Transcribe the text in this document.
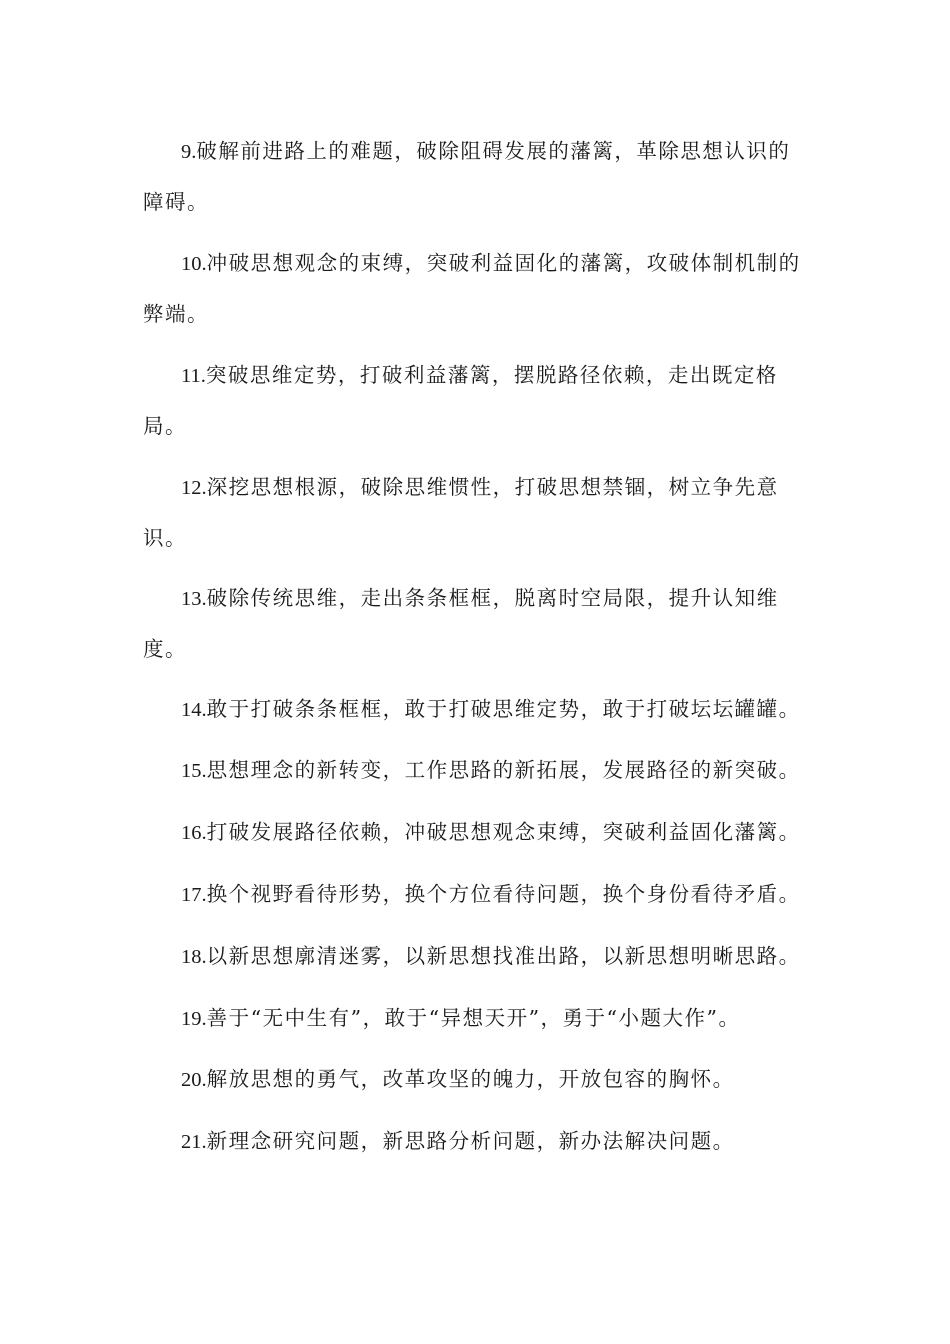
9.破解前进路上的难题，破除阻碍发展的藩篱，革除思想认识的障碍。

10.冲破思想观念的束缚，突破利益固化的藩篱，攻破体制机制的弊端。

11.突破思维定势，打破利益藩篱，摆脱路径依赖，走出既定格局。

12.深挖思想根源，破除思维惯性，打破思想禁锢，树立争先意识。

13.破除传统思维，走出条条框框，脱离时空局限，提升认知维度。

14.敢于打破条条框框，敢于打破思维定势，敢于打破坛坛罐罐。

15.思想理念的新转变，工作思路的新拓展，发展路径的新突破。

16.打破发展路径依赖，冲破思想观念束缚，突破利益固化藩篱。

17.换个视野看待形势，换个方位看待问题，换个身份看待矛盾。

18.以新思想廓清迷雾，以新思想找准出路，以新思想明晰思路。

19.善于“无中生有”，敢于“异想天开”，勇于“小题大作”。

20.解放思想的勇气，改革攻坚的魄力，开放包容的胸怀。

21.新理念研究问题，新思路分析问题，新办法解决问题。
